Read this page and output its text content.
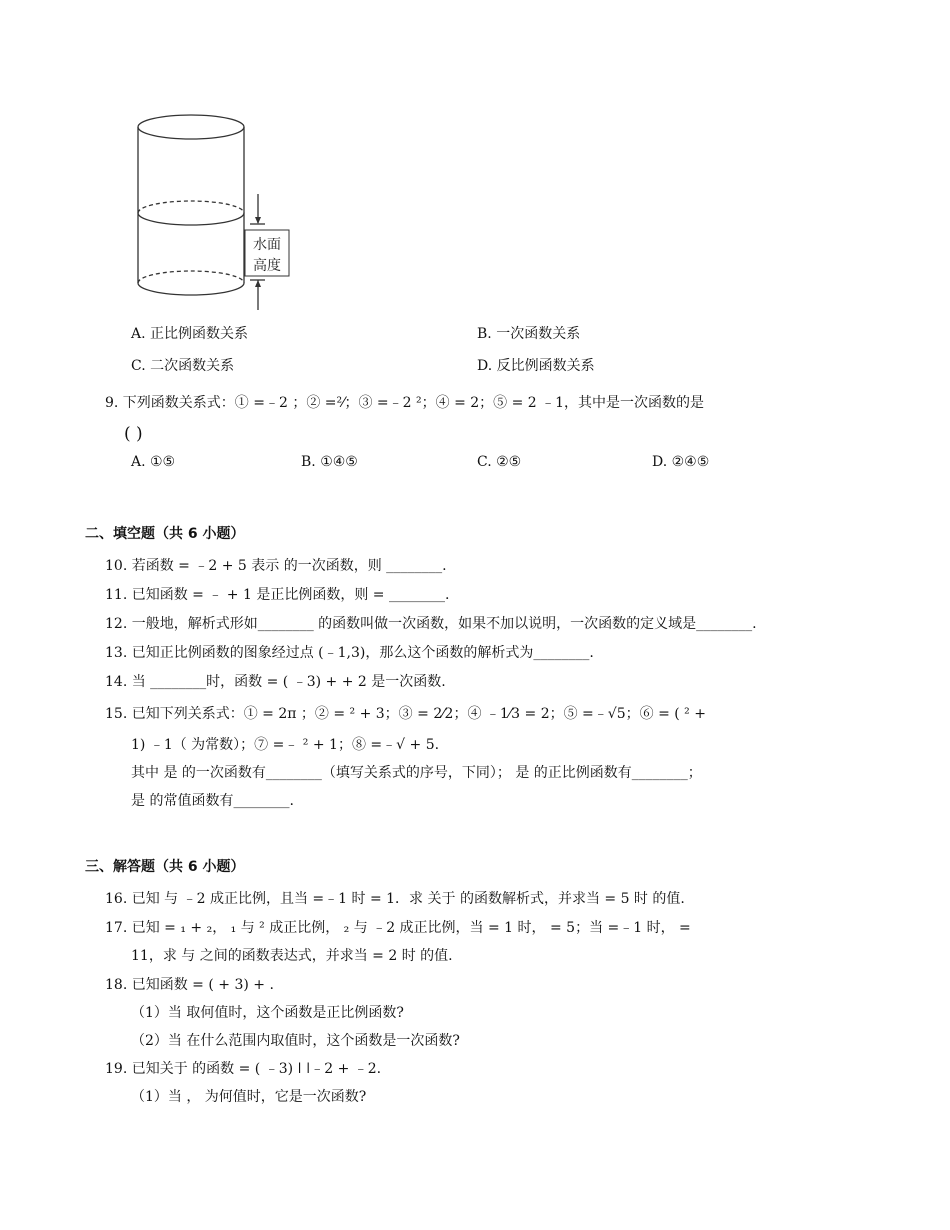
水面
高度
A. 正比例函数关系	B. 一次函数关系
C. 二次函数关系	D. 反比例函数关系
9. 下列函数关系式：① =﹣2 ；② =²⁄；③ =﹣2 ²；④ = 2；⑤ = 2 ﹣1，其中是一次函数的是
( )
A. ①⑤	B. ①④⑤	C. ②⑤	D. ②④⑤
二、填空题（共 6 小题）
10. 若函数 = ﹣2 + 5 表示 的一次函数，则 ________.
11. 已知函数 = ﹣ + 1 是正比例函数，则 = ________.
12. 一般地，解析式形如________ 的函数叫做一次函数，如果不加以说明，一次函数的定义域是________.
13. 已知正比例函数的图象经过点 (﹣1,3)，那么这个函数的解析式为________.
14. 当 ________时，函数 = ( ﹣3) + + 2 是一次函数.
15. 已知下列关系式：① = 2π ；② = ² + 3；③ = 2⁄2；④ ﹣1⁄3 = 2；⑤ =﹣√5；⑥ = ( ² +
1) ﹣1（ 为常数）；⑦ =﹣ ² + 1；⑧ =﹣√ + 5.
其中 是 的一次函数有________（填写关系式的序号，下同）； 是 的正比例函数有________；
是 的常值函数有________.
三、解答题（共 6 小题）
16. 已知 与 ﹣2 成正比例，且当 =﹣1 时 = 1．求 关于 的函数解析式，并求当 = 5 时 的值.
17. 已知 = ₁ + ₂， ₁ 与 ² 成正比例， ₂ 与 ﹣2 成正比例，当 = 1 时， = 5；当 =﹣1 时， =
11，求 与 之间的函数表达式，并求当 = 2 时 的值.
18. 已知函数 = ( + 3) + .
（1）当 取何值时，这个函数是正比例函数?
（2）当 在什么范围内取值时，这个函数是一次函数?
19. 已知关于 的函数 = ( ﹣3) ǀ ǀ﹣2 + ﹣2.
（1）当 ， 为何值时，它是一次函数?
